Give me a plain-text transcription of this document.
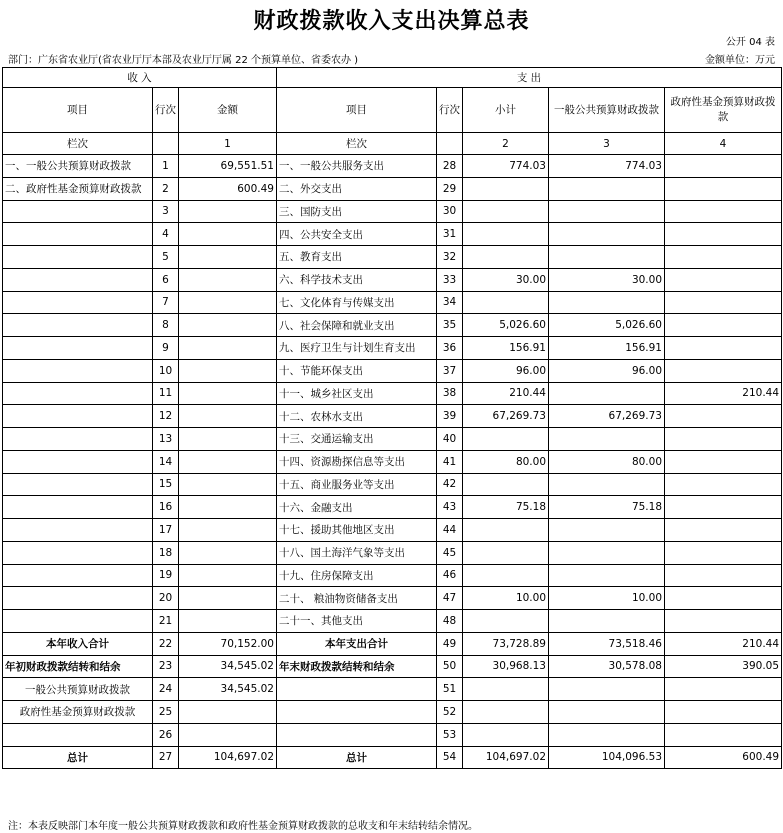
财政拨款收入支出决算总表
公开 04 表
部门：广东省农业厅(省农业厅厅本部及农业厅厅属 22 个预算单位、省委农办 )	金额单位：万元
收 入			支 出				
项目	行次	金额	项目	行次	小计	一般公共预算财政拨款	政府性基金预算财政拨款
栏次		1	栏次		2	3	4
一、一般公共预算财政拨款	1	69,551.51	一、一般公共服务支出	28	774.03	774.03	
二、政府性基金预算财政拨款	2	600.49	二、外交支出	29			
	3		三、国防支出	30			
	4		四、公共安全支出	31			
	5		五、教育支出	32			
	6		六、科学技术支出	33	30.00	30.00	
	7		七、文化体育与传媒支出	34			
	8		八、社会保障和就业支出	35	5,026.60	5,026.60	
	9		九、医疗卫生与计划生育支出	36	156.91	156.91	
	10		十、节能环保支出	37	96.00	96.00	
	11		十一、城乡社区支出	38	210.44		210.44
	12		十二、农林水支出	39	67,269.73	67,269.73	
	13		十三、交通运输支出	40			
	14		十四、资源勘探信息等支出	41	80.00	80.00	
	15		十五、商业服务业等支出	42			
	16		十六、金融支出	43	75.18	75.18	
	17		十七、援助其他地区支出	44			
	18		十八、国土海洋气象等支出	45			
	19		十九、住房保障支出	46			
	20		二十、 粮油物资储备支出	47	10.00	10.00	
	21		二十一、其他支出	48			
本年收入合计	22	70,152.00	本年支出合计	49	73,728.89	73,518.46	210.44
年初财政拨款结转和结余	23	34,545.02	年末财政拨款结转和结余	50	30,968.13	30,578.08	390.05
一般公共预算财政拨款	24	34,545.02		51			
政府性基金预算财政拨款	25			52			
	26			53			
总计	27	104,697.02	总计	54	104,697.02	104,096.53	600.49
注：本表反映部门本年度一般公共预算财政拨款和政府性基金预算财政拨款的总收支和年末结转结余情况。
